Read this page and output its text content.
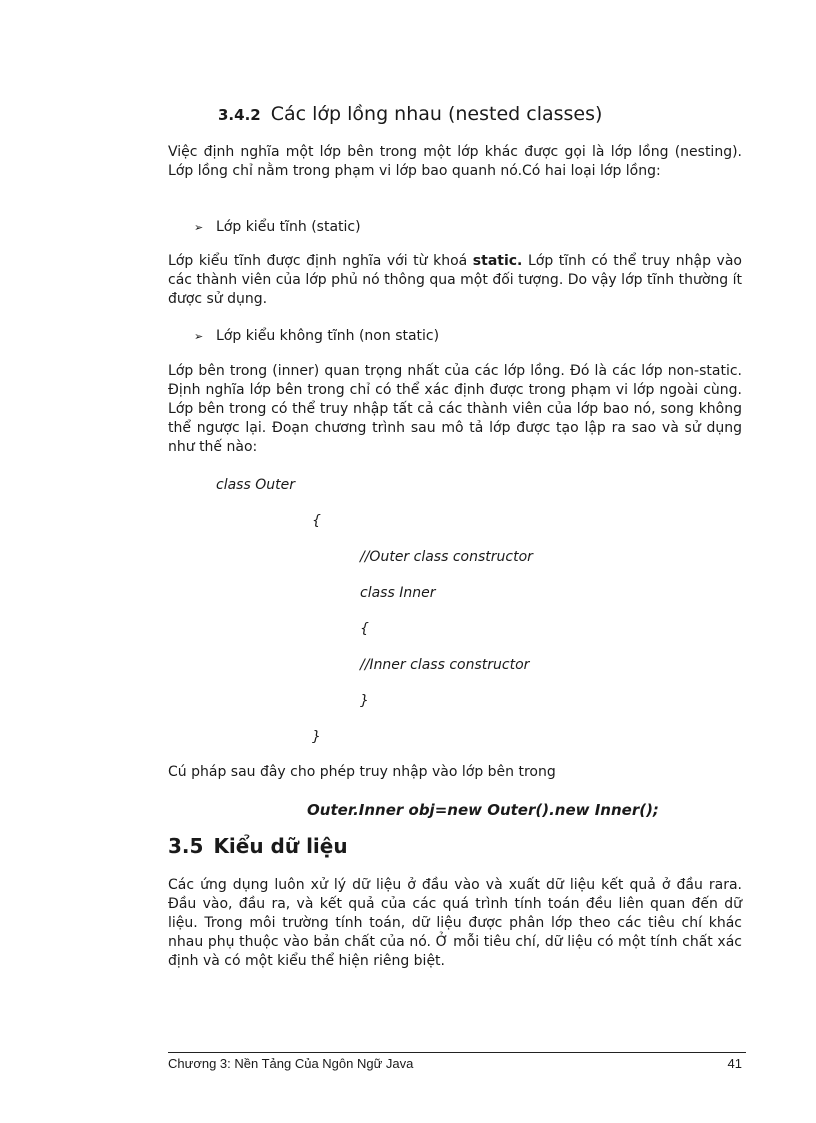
3.4.2 Các lớp lồng nhau (nested classes)

Việc định nghĩa một lớp bên trong một lớp khác được gọi là lớp lồng (nesting). Lớp lồng chỉ nằm trong phạm vi lớp bao quanh nó.Có hai loại lớp lồng:

➢ Lớp kiểu tĩnh (static)

Lớp kiểu tĩnh được định nghĩa với từ khoá static. Lớp tĩnh có thể truy nhập vào các thành viên của lớp phủ nó thông qua một đối tượng. Do vậy lớp tĩnh thường ít được sử dụng.

➢ Lớp kiểu không tĩnh (non static)

Lớp bên trong (inner) quan trọng nhất của các lớp lồng. Đó là các lớp non-static. Định nghĩa lớp bên trong chỉ có thể xác định được trong phạm vi lớp ngoài cùng. Lớp bên trong có thể truy nhập tất cả các thành viên của lớp bao nó, song không thể ngược lại. Đoạn chương trình sau mô tả lớp được tạo lập ra sao và sử dụng như thế nào:

class Outer

{

//Outer class constructor

class Inner

{

//Inner class constructor

}

}

Cú pháp sau đây cho phép truy nhập vào lớp bên trong

Outer.Inner obj=new Outer().new Inner();

3.5 Kiểu dữ liệu

Các ứng dụng luôn xử lý dữ liệu ở đầu vào và xuất dữ liệu kết quả ở đầu rara. Đầu vào, đầu ra, và kết quả của các quá trình tính toán đều liên quan đến dữ liệu. Trong môi trường tính toán, dữ liệu được phân lớp theo các tiêu chí khác nhau phụ thuộc vào bản chất của nó. Ở mỗi tiêu chí, dữ liệu có một tính chất xác định và có một kiểu thể hiện riêng biệt.

Chương 3: Nền Tảng Của Ngôn Ngữ Java	41
